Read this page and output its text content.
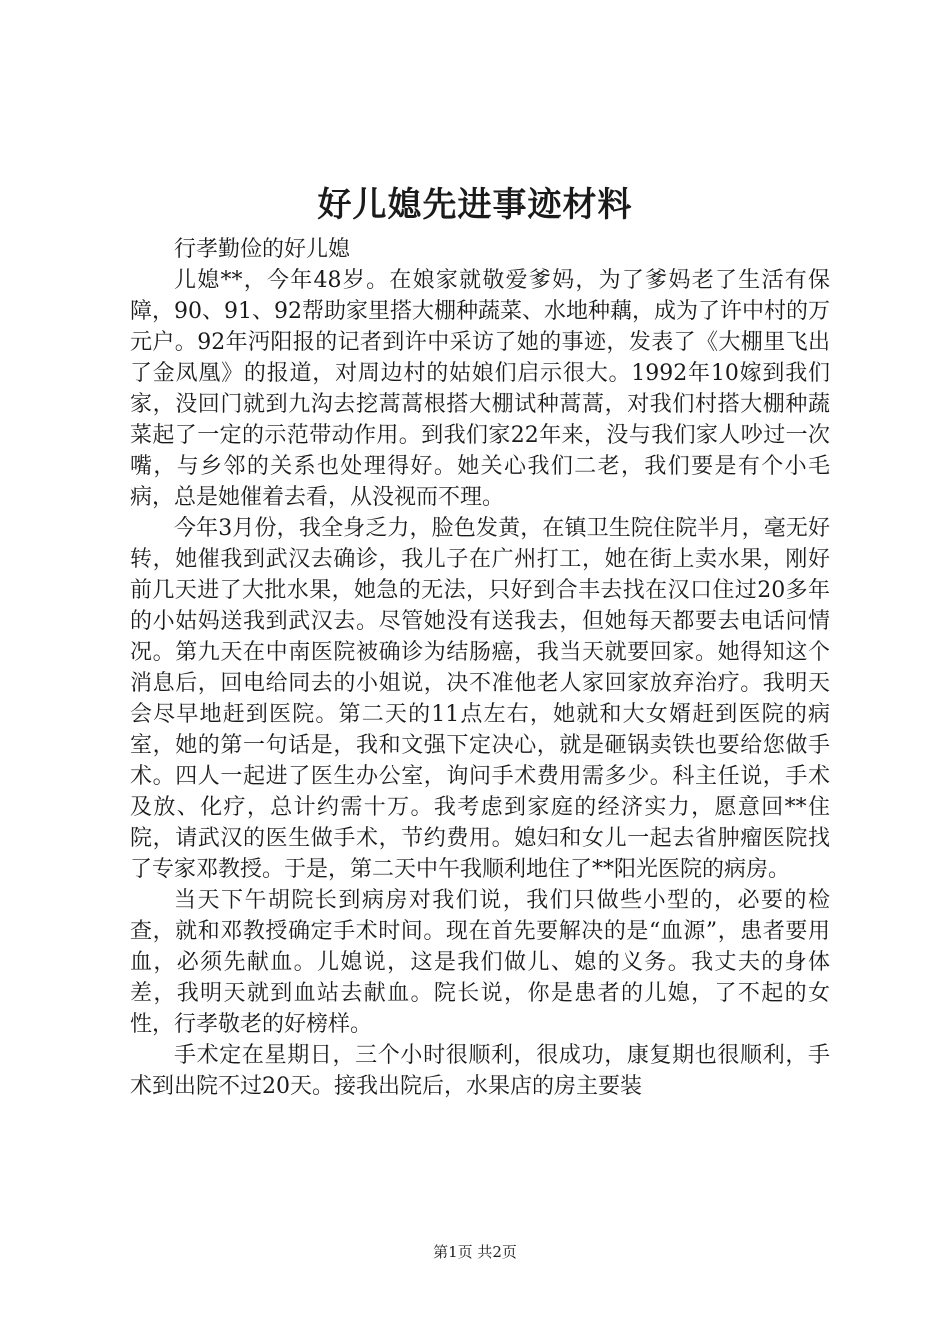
好儿媳先进事迹材料

行孝勤俭的好儿媳

儿媳**，今年48岁。在娘家就敬爱爹妈，为了爹妈老了生活有保障，90、91、92帮助家里搭大棚种蔬菜、水地种藕，成为了许中村的万元户。92年沔阳报的记者到许中采访了她的事迹，发表了《大棚里飞出了金凤凰》的报道，对周边村的姑娘们启示很大。1992年10嫁到我们家，没回门就到九沟去挖蒿蒿根搭大棚试种蒿蒿，对我们村搭大棚种蔬菜起了一定的示范带动作用。到我们家22年来，没与我们家人吵过一次嘴，与乡邻的关系也处理得好。她关心我们二老，我们要是有个小毛病，总是她催着去看，从没视而不理。

今年3月份，我全身乏力，脸色发黄，在镇卫生院住院半月，毫无好转，她催我到武汉去确诊，我儿子在广州打工，她在街上卖水果，刚好前几天进了大批水果，她急的无法，只好到合丰去找在汉口住过20多年的小姑妈送我到武汉去。尽管她没有送我去，但她每天都要去电话问情况。第九天在中南医院被确诊为结肠癌，我当天就要回家。她得知这个消息后，回电给同去的小姐说，决不准他老人家回家放弃治疗。我明天会尽早地赶到医院。第二天的11点左右，她就和大女婿赶到医院的病室，她的第一句话是，我和文强下定决心，就是砸锅卖铁也要给您做手术。四人一起进了医生办公室，询问手术费用需多少。科主任说，手术及放、化疗，总计约需十万。我考虑到家庭的经济实力，愿意回**住院，请武汉的医生做手术，节约费用。媳妇和女儿一起去省肿瘤医院找了专家邓教授。于是，第二天中午我顺利地住了**阳光医院的病房。

当天下午胡院长到病房对我们说，我们只做些小型的，必要的检查，就和邓教授确定手术时间。现在首先要解决的是“血源”，患者要用血，必须先献血。儿媳说，这是我们做儿、媳的义务。我丈夫的身体差，我明天就到血站去献血。院长说，你是患者的儿媳，了不起的女性，行孝敬老的好榜样。

手术定在星期日，三个小时很顺利，很成功，康复期也很顺利，手术到出院不过20天。接我出院后，水果店的房主要装

第1页 共2页
